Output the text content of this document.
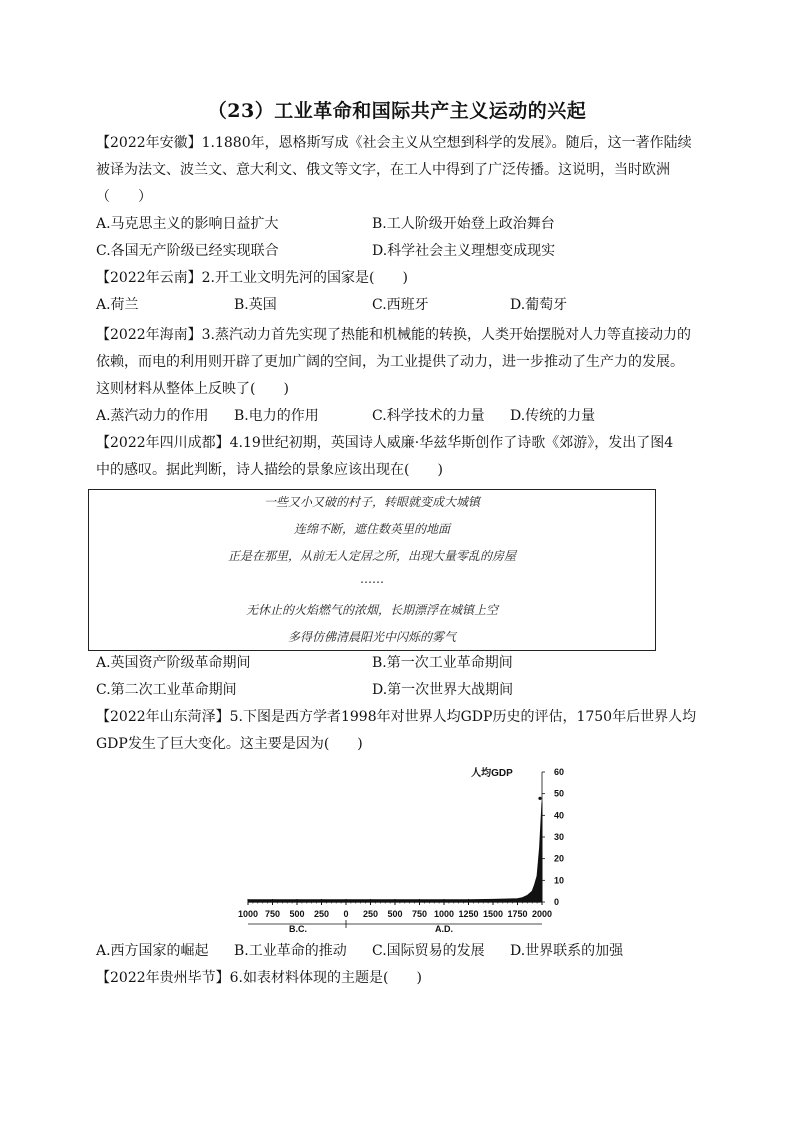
（23）工业革命和国际共产主义运动的兴起
【2022年安徽】1.1880年，恩格斯写成《社会主义从空想到科学的发展》。随后，这一著作陆续
被译为法文、波兰文、意大利文、俄文等文字，在工人中得到了广泛传播。这说明，当时欧洲
（　　）
A.马克思主义的影响日益扩大	B.工人阶级开始登上政治舞台
C.各国无产阶级已经实现联合	D.科学社会主义理想变成现实
【2022年云南】2.开工业文明先河的国家是(　　)
A.荷兰	B.英国	C.西班牙	D.葡萄牙
【2022年海南】3.蒸汽动力首先实现了热能和机械能的转换，人类开始摆脱对人力等直接动力的
依赖，而电的利用则开辟了更加广阔的空间，为工业提供了动力，进一步推动了生产力的发展。
这则材料从整体上反映了(　　)
A.蒸汽动力的作用	B.电力的作用	C.科学技术的力量	D.传统的力量
【2022年四川成都】4.19世纪初期，英国诗人威廉·华兹华斯创作了诗歌《郊游》，发出了图4
中的感叹。据此判断，诗人描绘的景象应该出现在(　　)
一些又小又破的村子，转眼就变成大城镇
连绵不断，遮住数英里的地面
正是在那里，从前无人定居之所，出现大量零乱的房屋
……
无休止的火焰燃气的浓烟，长期漂浮在城镇上空
多得仿佛清晨阳光中闪烁的雾气
A.英国资产阶级革命期间	B.第一次工业革命期间
C.第二次工业革命期间	D.第一次世界大战期间
【2022年山东菏泽】5.下图是西方学者1998年对世界人均GDP历史的评估，1750年后世界人均
GDP发生了巨大变化。这主要是因为(　　)
人均GDP
0
10
20
30
40
50
60
1000 750 500 250 0 250 500 750 1000 1250 1500 1750 2000
B.C.	A.D.
A.西方国家的崛起	B.工业革命的推动	C.国际贸易的发展	D.世界联系的加强
【2022年贵州毕节】6.如表材料体现的主题是(　　)
